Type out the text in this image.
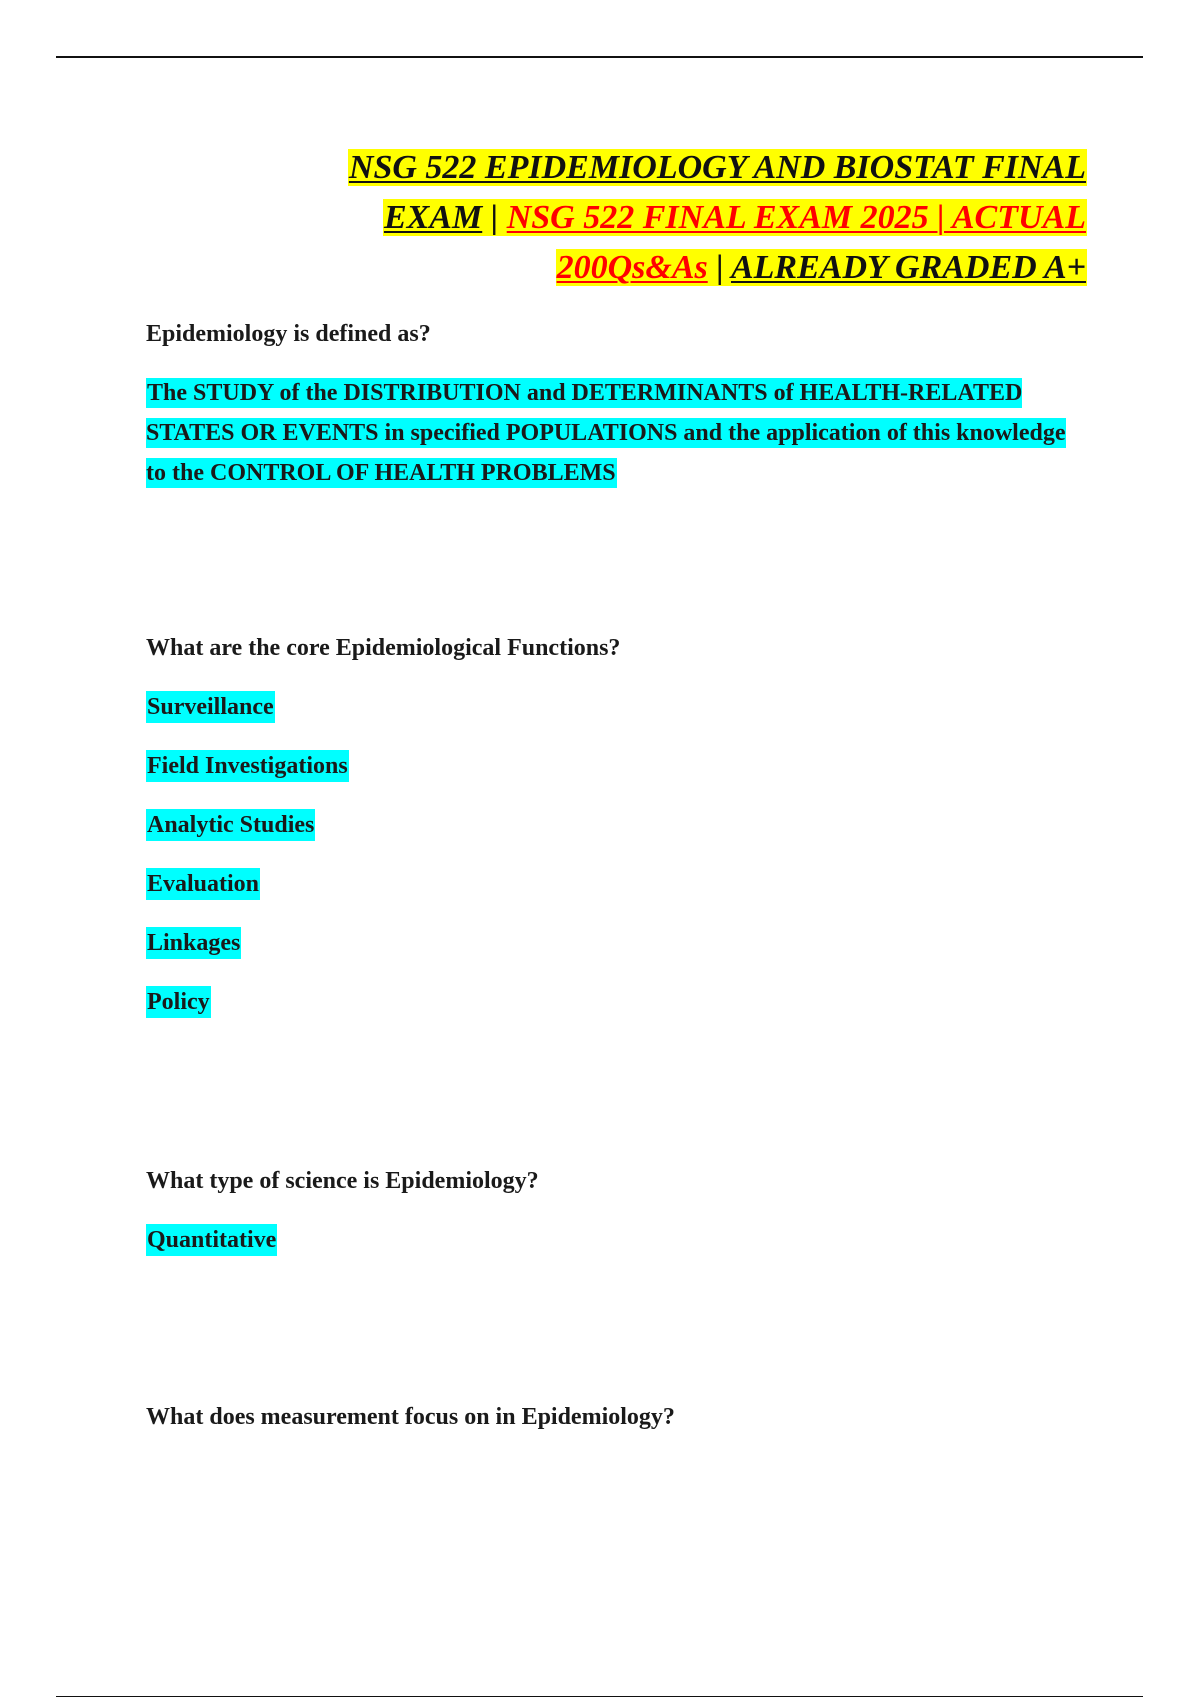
NSG 522 EPIDEMIOLOGY AND BIOSTAT FINAL
EXAM | NSG 522 FINAL EXAM 2025 | ACTUAL
200Qs&As | ALREADY GRADED A+
Epidemiology is defined as?
The STUDY of the DISTRIBUTION and DETERMINANTS of HEALTH-RELATED STATES OR EVENTS in specified POPULATIONS and the application of this knowledge to the CONTROL OF HEALTH PROBLEMS
What are the core Epidemiological Functions?
Surveillance
Field Investigations
Analytic Studies
Evaluation
Linkages
Policy
What type of science is Epidemiology?
Quantitative
What does measurement focus on in Epidemiology?
